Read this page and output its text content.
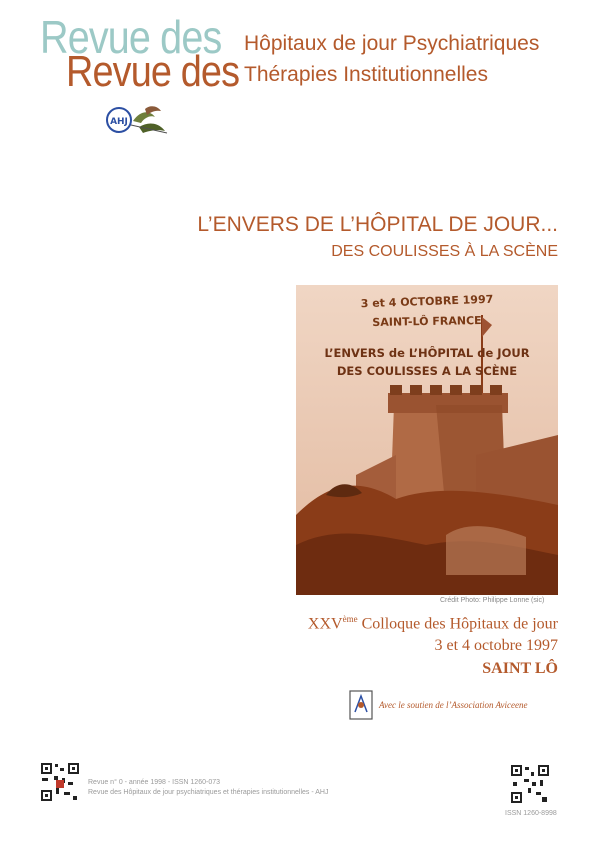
Revue des
Revue des
Hôpitaux de jour Psychiatriques
Thérapies Institutionnelles
AHJ
L’ENVERS DE L’HÔPITAL DE JOUR...
DES COULISSES À LA SCÈNE
3 et 4 OCTOBRE 1997
SAINT-LÔ FRANCE
L’ENVERS de L’HÔPITAL de JOUR
DES COULISSES A LA SCÈNE
Crédit Photo: Philippe Lonne (sic)
XXVème Colloque des Hôpitaux de jour
3 et 4 octobre 1997
SAINT LÔ
Avec le soutien de l’Association Aviceene
Revue n° 0 - année 1998 - ISSN 1260-073
Revue des Hôpitaux de jour psychiatriques et thérapies institutionnelles - AHJ
ISSN 1260-8998
